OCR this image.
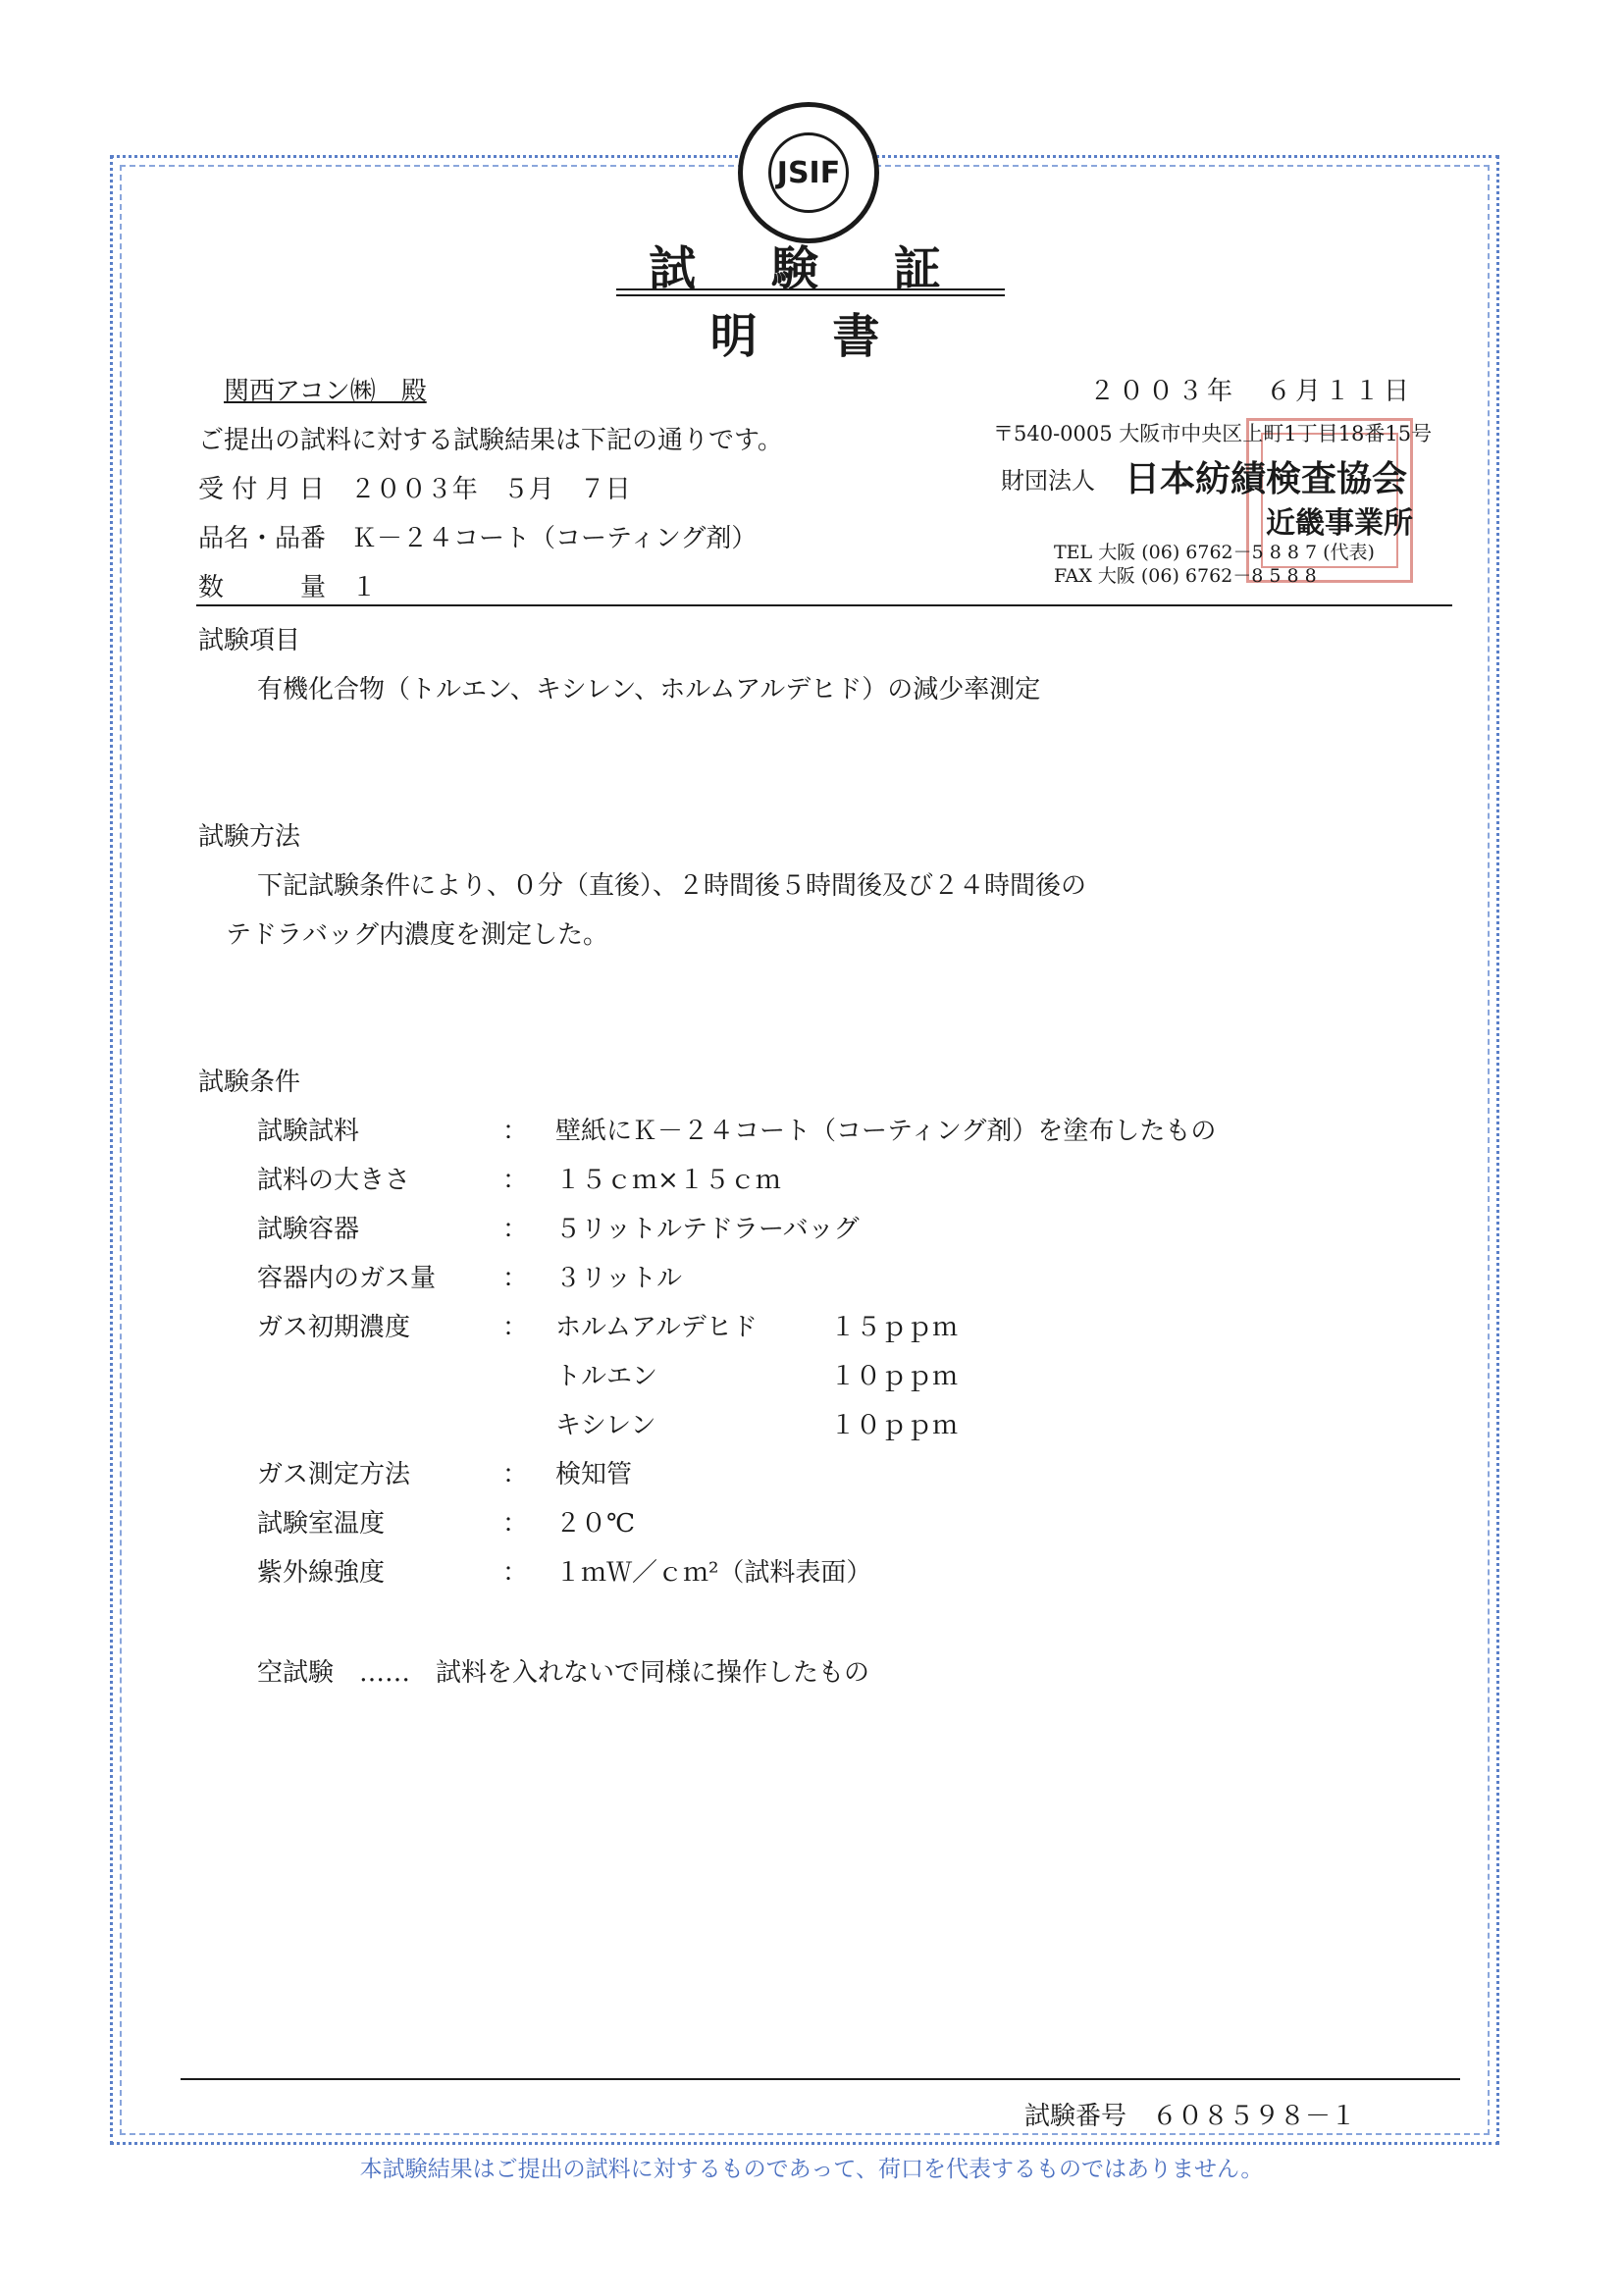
JSIF
試 験 証 明 書
関西アコン㈱　殿	２００３年　６月１１日
ご提出の試料に対する試験結果は下記の通りです。
受 付 月 日　２００３年　５月　７日
品名・品番　Ｋ－２４コート（コーティング剤）
数　　　量　１
〒540-0005 大阪市中央区上町1丁目18番15号
財団法人 日本紡績検査協会
近畿事業所
TEL 大阪 (06) 6762－5 8 8 7 (代表)
FAX 大阪 (06) 6762－8 5 8 8
試験項目
有機化合物（トルエン、キシレン、ホルムアルデヒド）の減少率測定
試験方法
下記試験条件により、０分（直後）、２時間後５時間後及び２４時間後の
テドラバッグ内濃度を測定した。
試験条件
試験試料	： 壁紙にＫ－２４コート（コーティング剤）を塗布したもの
試料の大きさ	： １５ｃｍ×１５ｃｍ
試験容器	： ５リットルテドラーバッグ
容器内のガス量	： ３リットル
ガス初期濃度	： ホルムアルデヒド	１５ｐｐｍ
トルエン	１０ｐｐｍ
キシレン	１０ｐｐｍ
ガス測定方法	： 検知管
試験室温度	： ２０℃
紫外線強度	： １ｍＷ／ｃｍ²（試料表面）
空試験　……　試料を入れないで同様に操作したもの
試験番号　６０８５９８－１
本試験結果はご提出の試料に対するものであって、荷口を代表するものではありません。
